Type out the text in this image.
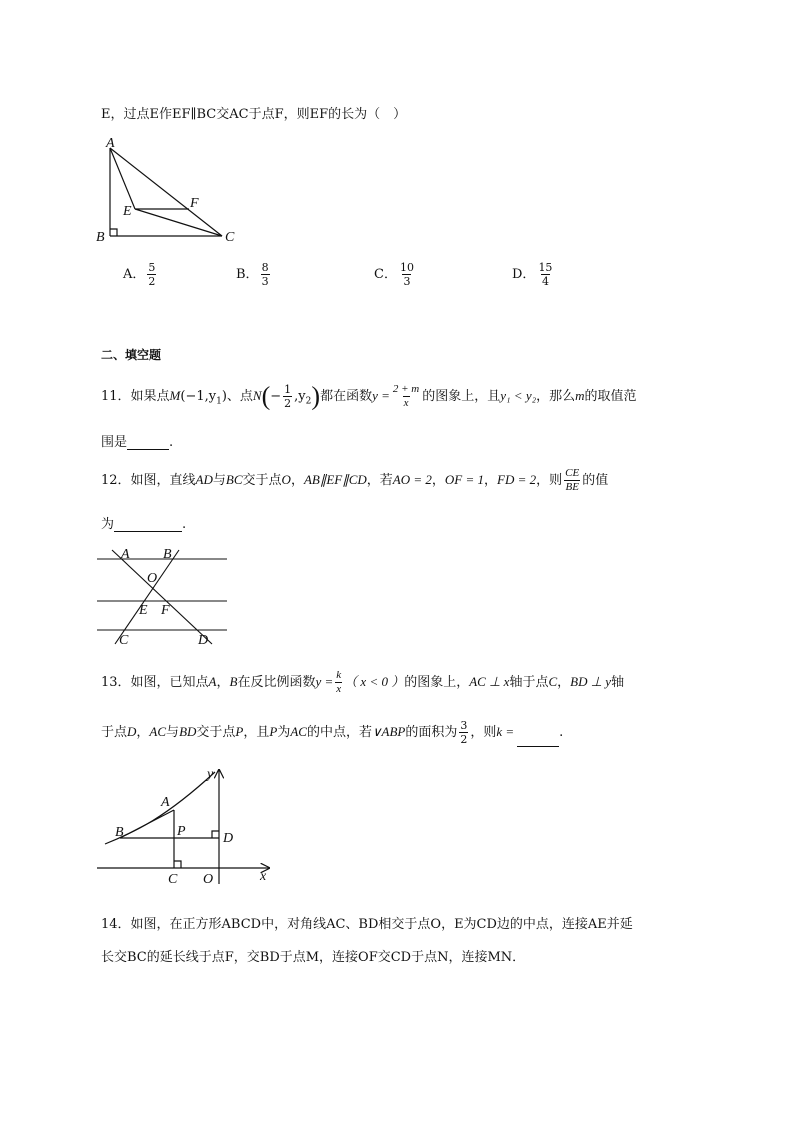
E，过点E作EF∥BC交AC于点F，则EF的长为（　）
A
B	C
E
F
A． $\frac{5}{2}$	B． $\frac{8}{3}$	C． $\frac{10}{3}$	D． $\frac{15}{4}$
二、填空题
11．如果点$M(-1,y_1)$、点$N(- \frac{1}{2} ,y_2)$都在函数$y = \frac{2 + m}{x}$ 的图象上，且y₁ < y₂，那么m的取值范
围是	.
12．如图，直线AD与BC交于点O，AB∥EF∥CD，若AO = 2，OF = 1，FD = 2，则 $\frac{CE}{BE}$ 的值
为	.
A B
O
E F
C	D
13．如图，已知点A，B在反比例函数$y = \frac{k}{x}$ （ x < 0 ）的图象上，AC ⊥ x轴于点C，BD ⊥ y轴
于点D，AC与BD交于点P，且P为AC的中点，若∨ABP的面积为 $\frac{3}{2}$ ，则k =	.
y
A
B	P	D
C O	x
14．如图，在正方形ABCD中，对角线AC、BD相交于点O，E为CD边的中点，连接AE并延
长交BC的延长线于点F，交BD于点M，连接OF交CD于点N，连接MN．
